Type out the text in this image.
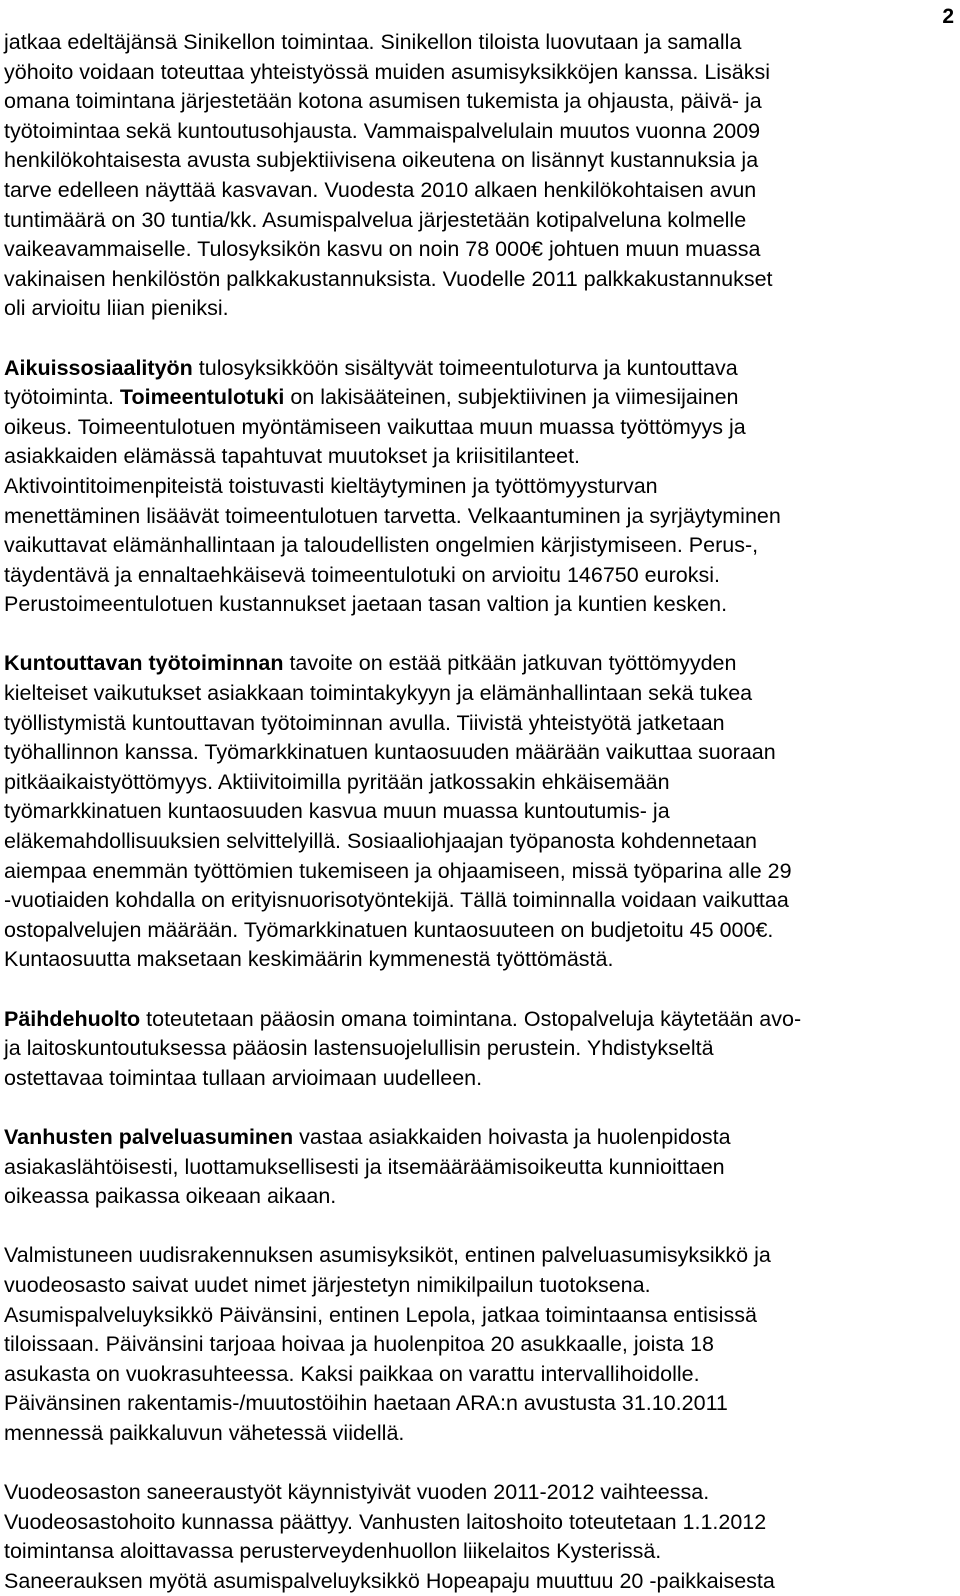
2
jatkaa edeltäjänsä Sinikellon toimintaa. Sinikellon tiloista luovutaan ja samalla
yöhoito voidaan toteuttaa yhteistyössä muiden asumisyksikköjen kanssa. Lisäksi
omana toimintana järjestetään kotona asumisen tukemista ja ohjausta, päivä- ja
työtoimintaa sekä kuntoutusohjausta. Vammaispalvelulain muutos vuonna 2009
henkilökohtaisesta avusta subjektiivisena oikeutena on lisännyt kustannuksia ja
tarve edelleen näyttää kasvavan. Vuodesta 2010 alkaen henkilökohtaisen avun
tuntimäärä on 30 tuntia/kk. Asumispalvelua järjestetään kotipalveluna kolmelle
vaikeavammaiselle. Tulosyksikön kasvu on noin 78 000€ johtuen muun muassa
vakinaisen henkilöstön palkkakustannuksista. Vuodelle 2011 palkkakustannukset
oli arvioitu liian pieniksi.
Aikuissosiaalityön tulosyksikköön sisältyvät toimeentuloturva ja kuntouttava
työtoiminta. Toimeentulotuki on lakisääteinen, subjektiivinen ja viimesijainen
oikeus. Toimeentulotuen myöntämiseen vaikuttaa muun muassa työttömyys ja
asiakkaiden elämässä tapahtuvat muutokset ja kriisitilanteet.
Aktivointitoimenpiteistä toistuvasti kieltäytyminen ja työttömyysturvan
menettäminen lisäävät toimeentulotuen tarvetta. Velkaantuminen ja syrjäytyminen
vaikuttavat elämänhallintaan ja taloudellisten ongelmien kärjistymiseen. Perus-,
täydentävä ja ennaltaehkäisevä toimeentulotuki on arvioitu 146750 euroksi.
Perustoimeentulotuen kustannukset jaetaan tasan valtion ja kuntien kesken.
Kuntouttavan työtoiminnan tavoite on estää pitkään jatkuvan työttömyyden
kielteiset vaikutukset asiakkaan toimintakykyyn ja elämänhallintaan sekä tukea
työllistymistä kuntouttavan työtoiminnan avulla. Tiivistä yhteistyötä jatketaan
työhallinnon kanssa. Työmarkkinatuen kuntaosuuden määrään vaikuttaa suoraan
pitkäaikaistyöttömyys. Aktiivitoimilla pyritään jatkossakin ehkäisemään
työmarkkinatuen kuntaosuuden kasvua muun muassa kuntoutumis- ja
eläkemahdollisuuksien selvittelyillä. Sosiaaliohjaajan työpanosta kohdennetaan
aiempaa enemmän työttömien tukemiseen ja ohjaamiseen, missä työparina alle 29
-vuotiaiden kohdalla on erityisnuorisotyöntekijä. Tällä toiminnalla voidaan vaikuttaa
ostopalvelujen määrään. Työmarkkinatuen kuntaosuuteen on budjetoitu 45 000€.
Kuntaosuutta maksetaan keskimäärin kymmenestä työttömästä.
Päihdehuolto toteutetaan pääosin omana toimintana. Ostopalveluja käytetään avo-
ja laitoskuntoutuksessa pääosin lastensuojelullisin perustein. Yhdistykseltä
ostettavaa toimintaa tullaan arvioimaan uudelleen.
Vanhusten palveluasuminen vastaa asiakkaiden hoivasta ja huolenpidosta
asiakaslähtöisesti, luottamuksellisesti ja itsemääräämisoikeutta kunnioittaen
oikeassa paikassa oikeaan aikaan.
Valmistuneen uudisrakennuksen asumisyksiköt, entinen palveluasumisyksikkö ja
vuodeosasto saivat uudet nimet järjestetyn nimikilpailun tuotoksena.
Asumispalveluyksikkö Päivänsini, entinen Lepola, jatkaa toimintaansa entisissä
tiloissaan. Päivänsini tarjoaa hoivaa ja huolenpitoa 20 asukkaalle, joista 18
asukasta on vuokrasuhteessa. Kaksi paikkaa on varattu intervallihoidolle.
Päivänsinen rakentamis-/muutostöihin haetaan ARA:n avustusta 31.10.2011
mennessä paikkaluvun vähetessä viidellä.
Vuodeosaston saneeraustyöt käynnistyivät vuoden 2011-2012 vaihteessa.
Vuodeosastohoito kunnassa päättyy. Vanhusten laitoshoito toteutetaan 1.1.2012
toimintansa aloittavassa perusterveydenhuollon liikelaitos Kysterissä.
Saneerauksen myötä asumispalveluyksikkö Hopeapaju muuttuu 20 -paikkaisesta
